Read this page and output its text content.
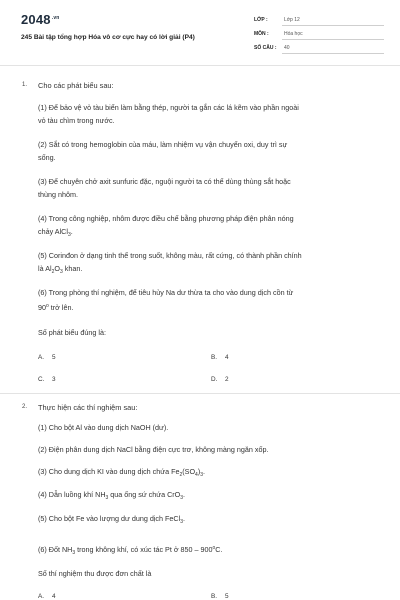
$2048^{.vn}$
245 Bài tập tổng hợp Hóa vô cơ cực hay có lời giải (P4)
LỚP :	Lớp 12
MÔN :	Hóa học
SỐ CÂU : 40
1. Cho các phát biểu sau:
(1) Để bảo vệ vỏ tàu biển làm bằng thép, người ta gắn các lá kẽm vào phần ngoài
vỏ tàu chìm trong nước.
(2) Sắt có trong hemoglobin của máu, làm nhiệm vụ vận chuyển oxi, duy trì sự
sống.
(3) Để chuyên chở axit sunfuric đặc, nguội người ta có thể dùng thùng sắt hoặc
thùng nhôm.
(4) Trong công nghiệp, nhôm được điều chế bằng phương pháp điện phân nóng
chảy AlCl$_3$.
(5) Corinđon ở dạng tinh thể trong suốt, không màu, rất cứng, có thành phần chính
là $Al_2O_3$ khan.
(6) Trong phòng thí nghiệm, để tiêu hủy Na dư thừa ta cho vào dung dịch cồn từ
90$^o$ trở lên.
Số phát biểu đúng là:
A. 5	B. 4
C. 3	D. 2
2. Thực hiện các thí nghiệm sau:
(1) Cho bột Al vào dung dịch NaOH (dư).
(2) Điện phân dung dịch NaCl bằng điện cực trơ, không màng ngăn xốp.
(3) Cho dung dịch KI vào dung dịch chứa $Fe_2(SO_4)_3$.
(4) Dẫn luồng khí $NH_3$ qua ống sứ chứa CrO$_3$.
(5) Cho bột Fe vào lượng dư dung dịch FeCl$_3$.
(6) Đốt $NH_3$ trong không khí, có xúc tác Pt ở 850 – 900$^o$C.
Số thí nghiệm thu được đơn chất là
A. 4	B. 5
